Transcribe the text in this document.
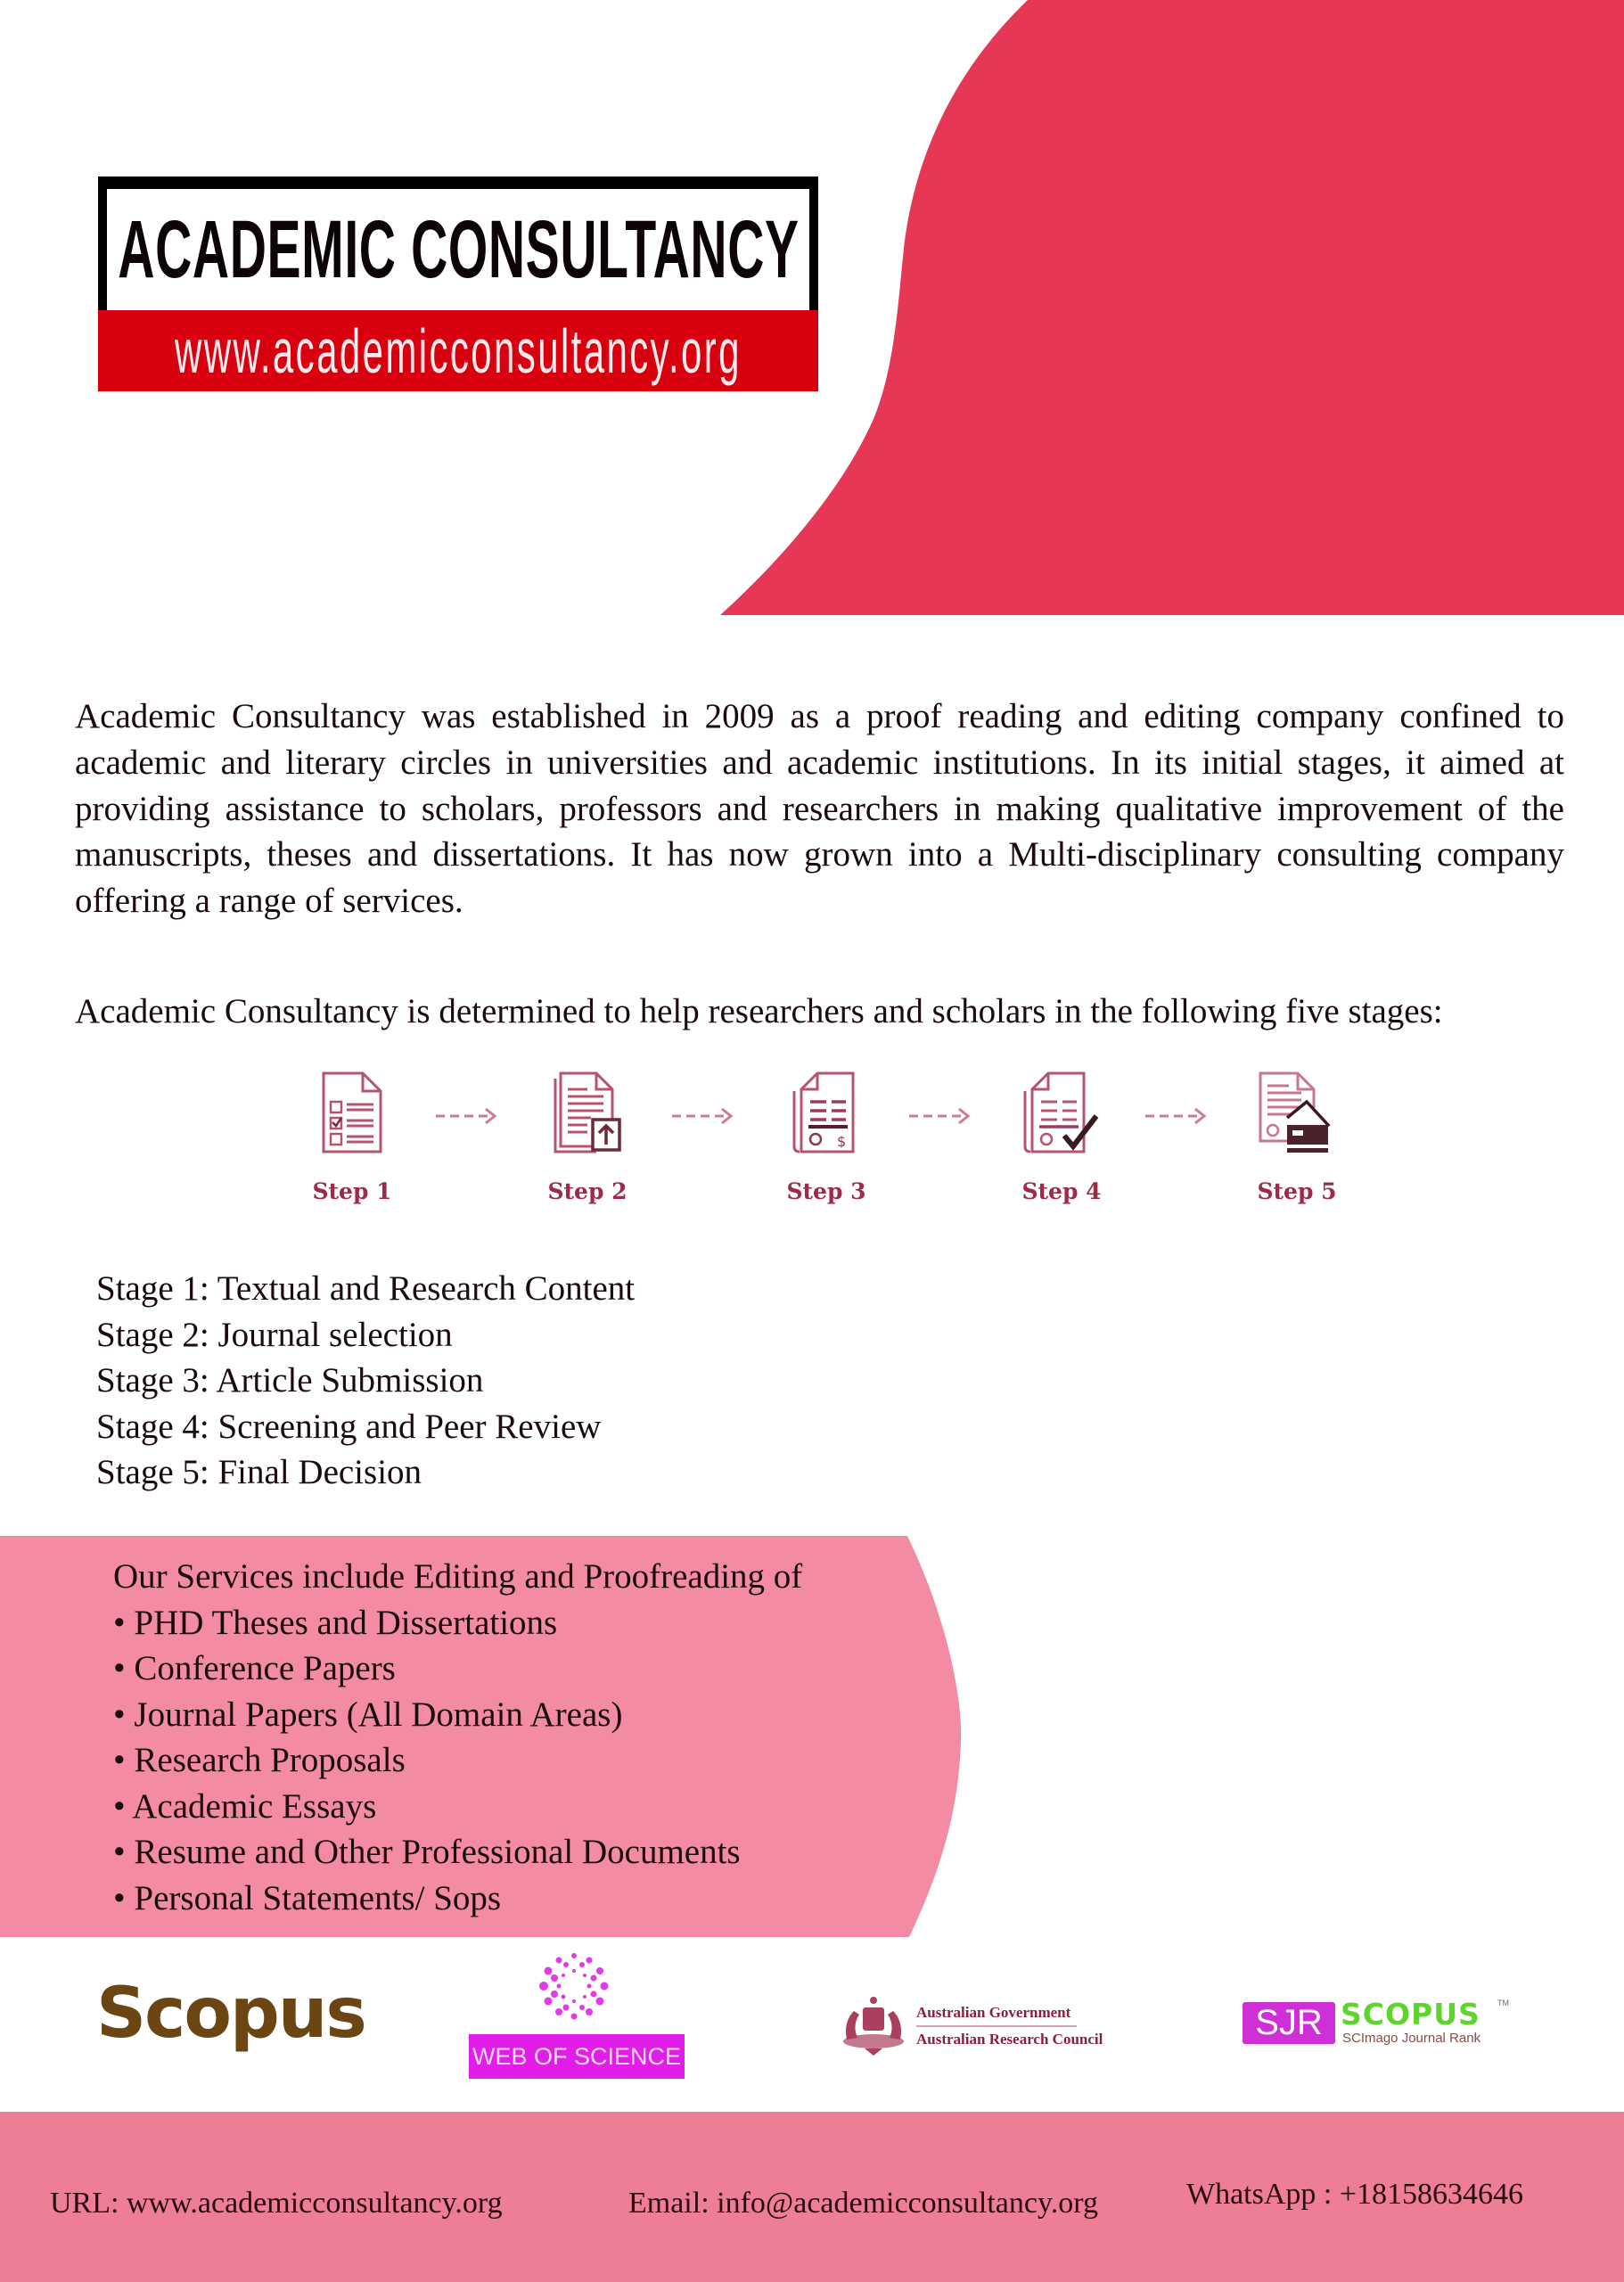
ACADEMIC CONSULTANCY
www.academicconsultancy.org
Academic Consultancy was established in 2009 as a proof reading and editing company confined to academic and literary circles in universities and academic institutions. In its initial stages, it aimed at providing assistance to scholars, professors and researchers in making qualitative improvement of the manuscripts, theses and dissertations. It has now grown into a Multi-disciplinary consulting company offering a range of services.
Academic Consultancy is determined to help researchers and scholars in the following five stages:
Step 1	Step 2
$
Step 3	Step 4	Step 5
Stage 1: Textual and Research Content
Stage 2: Journal selection
Stage 3: Article Submission
Stage 4: Screening and Peer Review
Stage 5: Final Decision
Our Services include Editing and Proofreading of
• PHD Theses and Dissertations
• Conference Papers
• Journal Papers (All Domain Areas)
• Research Proposals
• Academic Essays
• Resume and Other Professional Documents
• Personal Statements/ Sops
Scopus
WEB OF SCIENCE
Australian Government
Australian Research Council	SJR SCOPUS TM
SCImago Journal Rank
URL: www.academicconsultancy.org	Email: info@academicconsultancy.org	WhatsApp : +18158634646
